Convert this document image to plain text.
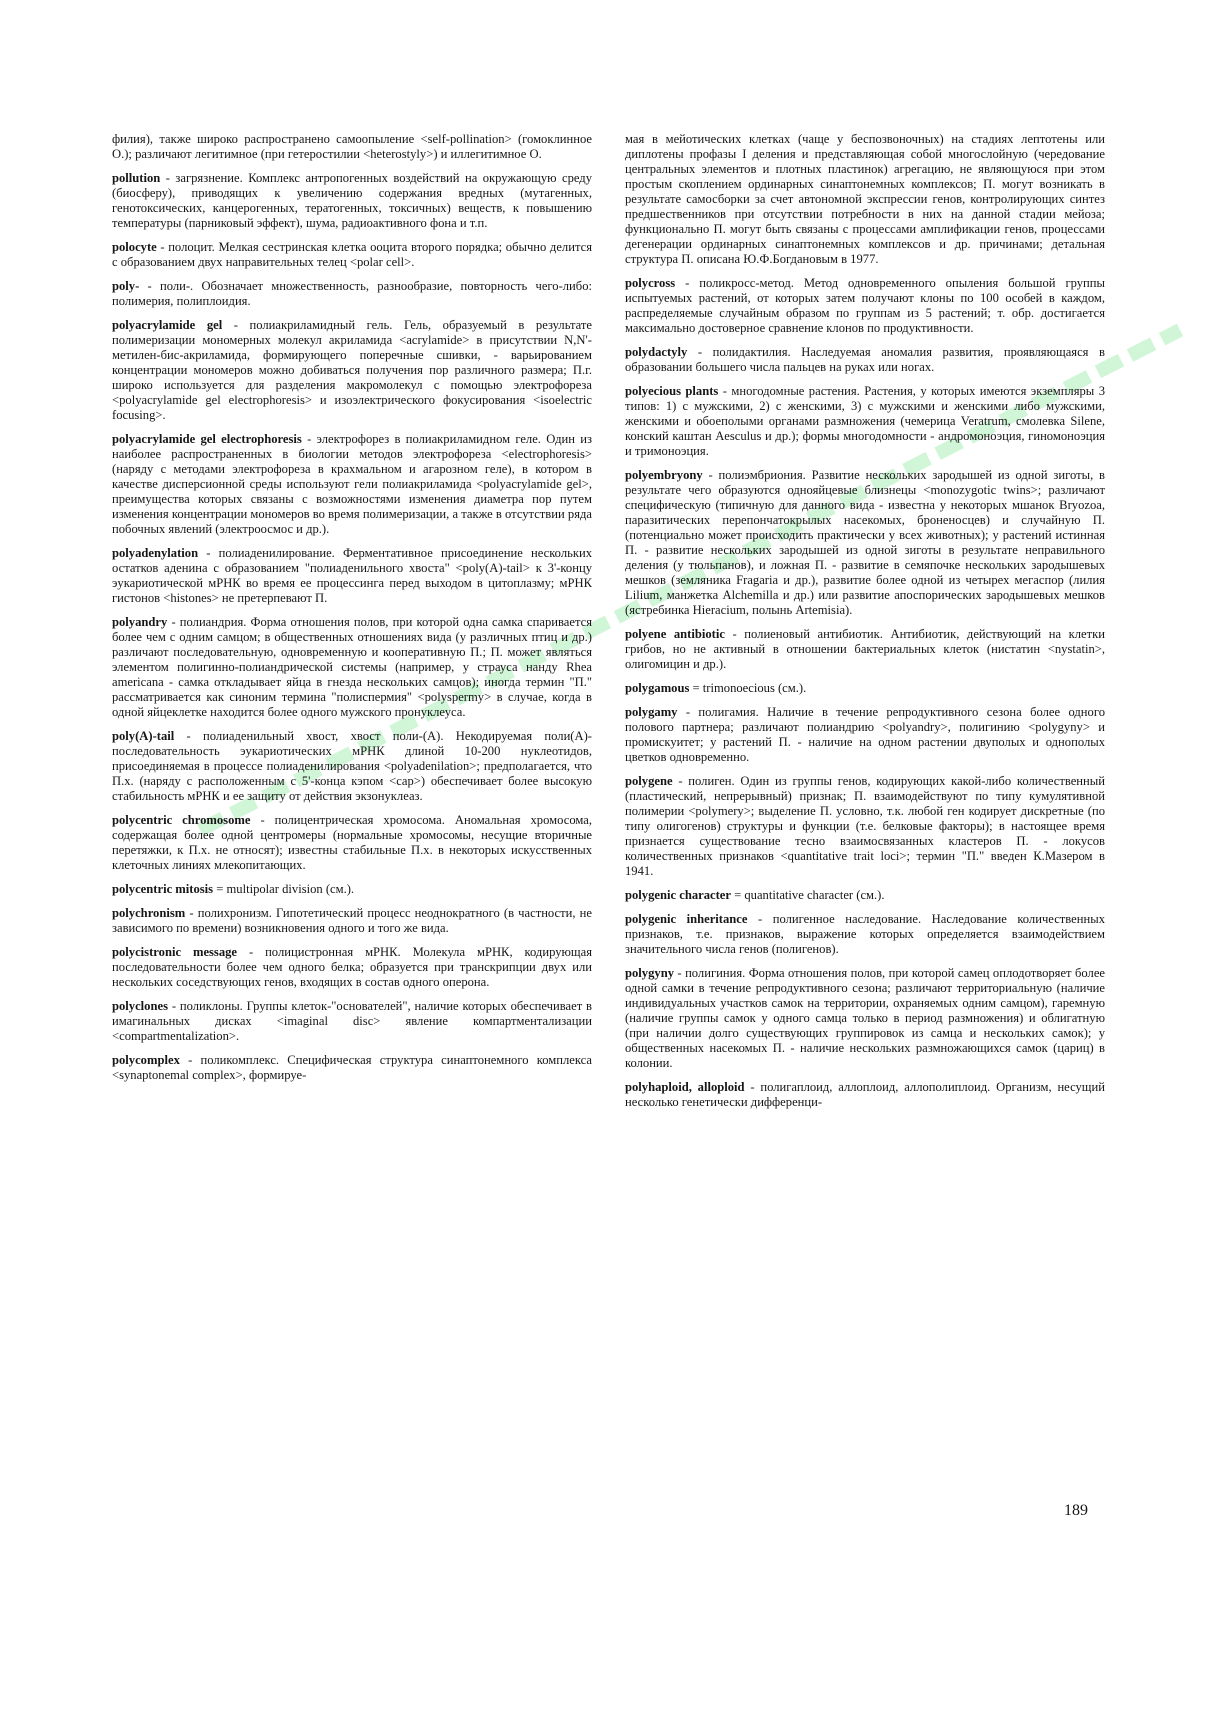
филия), также широко распространено самоопыление <self-pollination> (гомоклинное О.); различают легитимное (при гетеростилии <heterostyly>) и иллегитимное О.

pollution - загрязнение. Комплекс антропогенных воздействий на окружающую среду (биосферу), приводящих к увеличению содержания вредных (мутагенных, генотоксических, канцерогенных, тератогенных, токсичных) веществ, к повышению температуры (парниковый эффект), шума, радиоактивного фона и т.п.

polocyte - полоцит. Мелкая сестринская клетка ооцита второго порядка; обычно делится с образованием двух направительных телец <polar cell>.

poly- - поли-. Обозначает множественность, разнообразие, повторность чего-либо: полимерия, полиплоидия.

polyacrylamide gel - полиакриламидный гель. Гель, образуемый в результате полимеризации мономерных молекул акриламида <acrylamide> в присутствии N,N'-метилен-бис-акриламида, формирующего поперечные сшивки, - варьированием концентрации мономеров можно добиваться получения пор различного размера; П.г. широко используется для разделения макромолекул с помощью электрофореза <polyacrylamide gel electrophoresis> и изоэлектрического фокусирования <isoelectric focusing>.

polyacrylamide gel electrophoresis - электрофорез в полиакриламидном геле. Один из наиболее распространенных в биологии методов электрофореза <electrophoresis> (наряду с методами электрофореза в крахмальном и агарозном геле), в котором в качестве дисперсионной среды используют гели полиакриламида <polyacrylamide gel>, преимущества которых связаны с возможностями изменения диаметра пор путем изменения концентрации мономеров во время полимеризации, а также в отсутствии ряда побочных явлений (электроосмос и др.).

polyadenylation - полиаденилирование. Ферментативное присоединение нескольких остатков аденина с образованием "полиаденильного хвоста" <poly(A)-tail> к 3'-концу эукариотической мРНК во время ее процессинга перед выходом в цитоплазму; мРНК гистонов <histones> не претерпевают П.

polyandry - полиандрия. Форма отношения полов, при которой одна самка спаривается более чем с одним самцом; в общественных отношениях вида (у различных птиц и др.) различают последовательную, одновременную и кооперативную П.; П. может являться элементом полигинно-полиандрической системы (например, у страуса нанду Rhea americana - самка откладывает яйца в гнезда нескольких самцов); иногда термин "П." рассматривается как синоним термина "полиспермия" <polyspermy> в случае, когда в одной яйцеклетке находится более одного мужского пронуклеуса.

poly(A)-tail - полиаденильный хвост, хвост поли-(А). Некодируемая поли(А)-последовательность эукариотических мРНК длиной 10-200 нуклеотидов, присоединяемая в процессе полиаденилирования <polyadenilation>; предполагается, что П.х. (наряду с расположенным с 5'-конца кэпом <cap>) обеспечивает более высокую стабильность мРНК и ее защиту от действия экзонуклеаз.

polycentric chromosome - полицентрическая хромосома. Аномальная хромосома, содержащая более одной центромеры (нормальные хромосомы, несущие вторичные перетяжки, к П.х. не относят); известны стабильные П.х. в некоторых искусственных клеточных линиях млекопитающих.

polycentric mitosis = multipolar division (см.).

polychronism - полихронизм. Гипотетический процесс неоднократного (в частности, не зависимого по времени) возникновения одного и того же вида.

polycistronic message - полицистронная мРНК. Молекула мРНК, кодирующая последовательности более чем одного белка; образуется при транскрипции двух или нескольких соседствующих генов, входящих в состав одного оперона.

polyclones - поликлоны. Группы клеток-"основателей", наличие которых обеспечивает в имагинальных дисках <imaginal disc> явление компартментализации <compartmentalization>.

polycomplex - поликомплекс. Специфическая структура синаптонемного комплекса <synaptonemal complex>, формируе-

мая в мейотических клетках (чаще у беспозвоночных) на стадиях лептотены или диплотены профазы I деления и представляющая собой многослойную (чередование центральных элементов и плотных пластинок) агрегацию, не являющуюся при этом простым скоплением ординарных синаптонемных комплексов; П. могут возникать в результате самосборки за счет автономной экспрессии генов, контролирующих синтез предшественников при отсутствии потребности в них на данной стадии мейоза; функционально П. могут быть связаны с процессами амплификации генов, процессами дегенерации ординарных синаптонемных комплексов и др. причинами; детальная структура П. описана Ю.Ф.Богдановым в 1977.

polycross - поликросс-метод. Метод одновременного опыления большой группы испытуемых растений, от которых затем получают клоны по 100 особей в каждом, распределяемые случайным образом по группам из 5 растений; т. обр. достигается максимально достоверное сравнение клонов по продуктивности.

polydactyly - полидактилия. Наследуемая аномалия развития, проявляющаяся в образовании большего числа пальцев на руках или ногах.

polyecious plants - многодомные растения. Растения, у которых имеются экземпляры 3 типов: 1) с мужскими, 2) с женскими, 3) с мужскими и женскими либо мужскими, женскими и обоеполыми органами размножения (чемерица Veratrum, смолевка Silene, конский каштан Aesculus и др.); формы многодомности - андромоноэция, гиномоноэция и тримоноэция.

polyembryony - полиэмбриония. Развитие нескольких зародышей из одной зиготы, в результате чего образуются однояйцевые близнецы <monozygotic twins>; различают специфическую (типичную для данного вида - известна у некоторых мшанок Bryozoa, паразитических перепончатокрылых насекомых, броненосцев) и случайную П. (потенциально может происходить практически у всех животных); у растений истинная П. - развитие нескольких зародышей из одной зиготы в результате неправильного деления (у тюльпанов), и ложная П. - развитие в семяпочке нескольких зародышевых мешков (земляника Fragaria и др.), развитие более одной из четырех мегаспор (лилия Lilium, манжетка Alchemilla и др.) или развитие апоспорических зародышевых мешков (ястребинка Hieracium, полынь Artemisia).

polyene antibiotic - полиеновый антибиотик. Антибиотик, действующий на клетки грибов, но не активный в отношении бактериальных клеток (нистатин <nystatin>, олигомицин и др.).

polygamous = trimonoecious (см.).

polygamy - полигамия. Наличие в течение репродуктивного сезона более одного полового партнера; различают полиандрию <polyandry>, полигинию <polygyny> и промискуитет; у растений П. - наличие на одном растении двуполых и однополых цветков одновременно.

polygene - полиген. Один из группы генов, кодирующих какой-либо количественный (пластический, непрерывный) признак; П. взаимодействуют по типу кумулятивной полимерии <polymery>; выделение П. условно, т.к. любой ген кодирует дискретные (по типу олигогенов) структуры и функции (т.е. белковые факторы); в настоящее время признается существование тесно взаимосвязанных кластеров П. - локусов количественных признаков <quantitative trait loci>; термин "П." введен К.Мазером в 1941.

polygenic character = quantitative character (см.).

polygenic inheritance - полигенное наследование. Наследование количественных признаков, т.е. признаков, выражение которых определяется взаимодействием значительного числа генов (полигенов).

polygyny - полигиния. Форма отношения полов, при которой самец оплодотворяет более одной самки в течение репродуктивного сезона; различают территориальную (наличие индивидуальных участков самок на территории, охраняемых одним самцом), гаремную (наличие группы самок у одного самца только в период размножения) и облигатную (при наличии долго существующих группировок из самца и нескольких самок); у общественных насекомых П. - наличие нескольких размножающихся самок (цариц) в колонии.

polyhaploid, alloploid - полигаплоид, аллоплоид, аллополиплоид. Организм, несущий несколько генетически дифференци-

189
